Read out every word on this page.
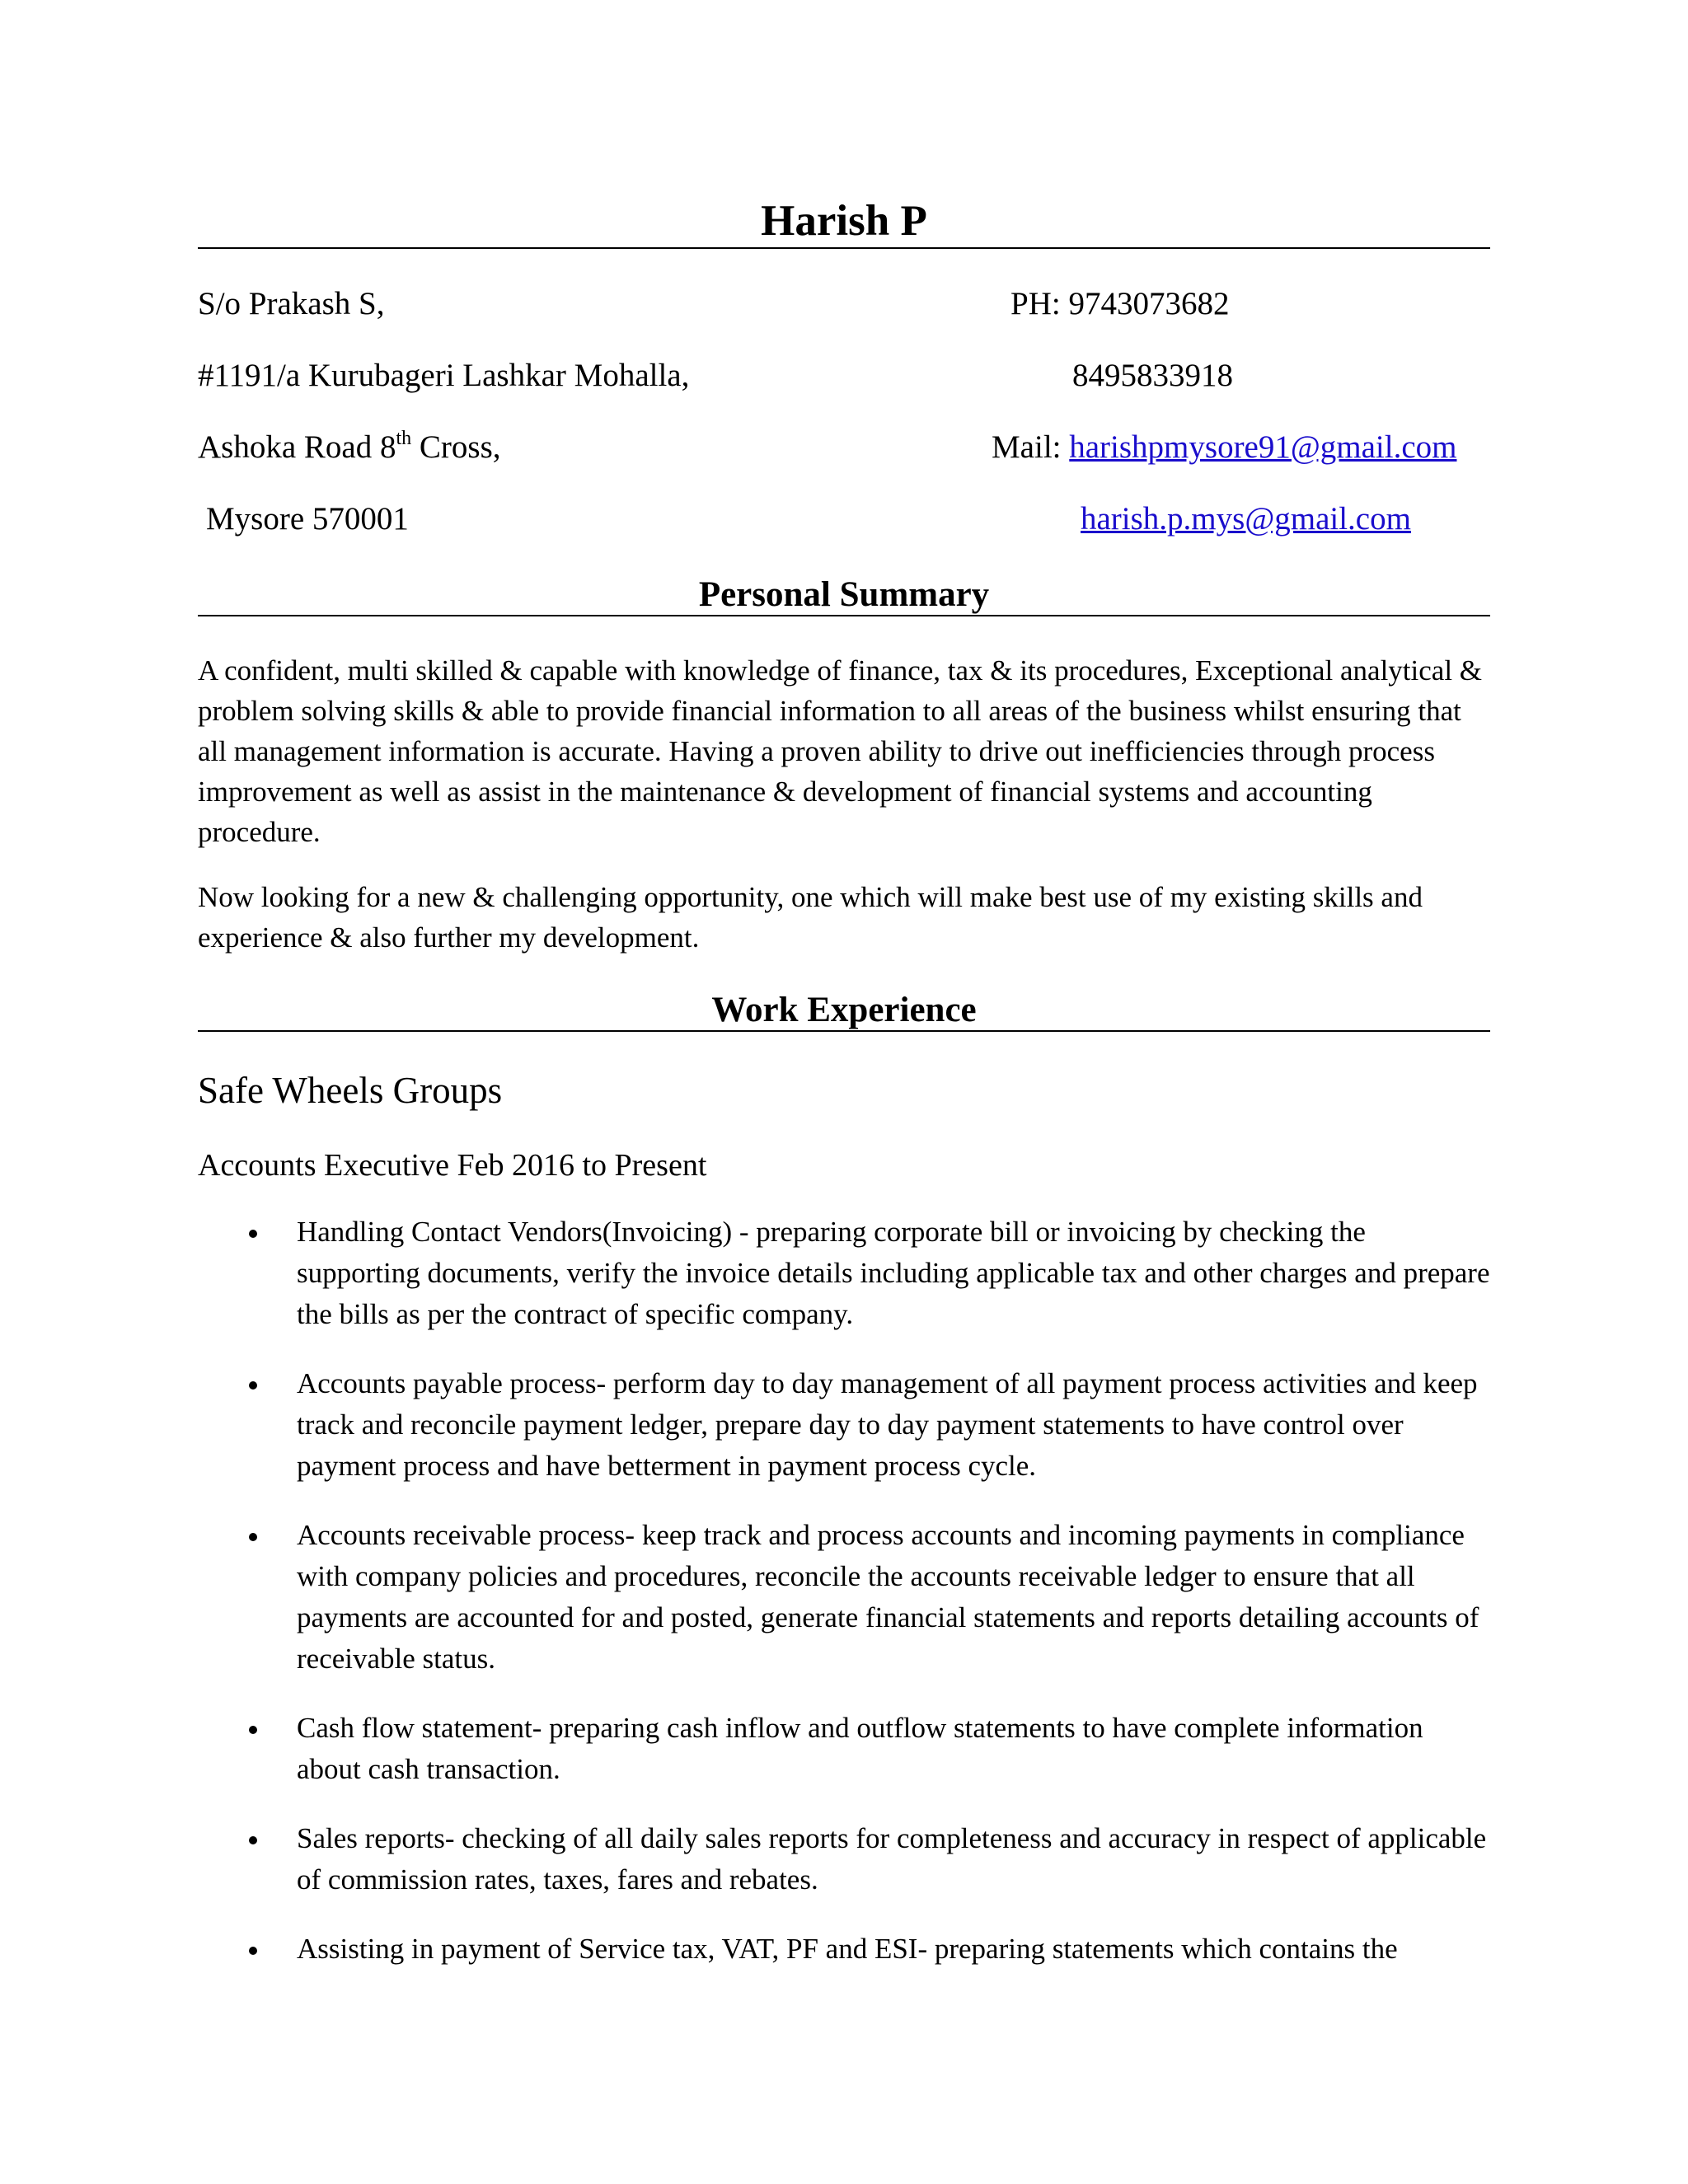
Harish P
S/o Prakash S,
#1191/a Kurubageri Lashkar Mohalla,
Ashoka Road 8th Cross,
Mysore 570001
PH: 9743073682
8495833918
Mail: harishpmysore91@gmail.com
harish.p.mys@gmail.com
Personal Summary
A confident, multi skilled & capable with knowledge of finance, tax & its procedures, Exceptional analytical & problem solving skills & able to provide financial information to all areas of the business whilst ensuring that all management information is accurate. Having a proven ability to drive out inefficiencies through process improvement as well as assist in the maintenance & development of financial systems and accounting procedure.
Now looking for a new & challenging opportunity, one which will make best use of my existing skills and experience & also further my development.
Work Experience
Safe Wheels Groups
Accounts Executive Feb 2016 to Present
Handling Contact Vendors(Invoicing) - preparing corporate bill or invoicing by checking the supporting documents, verify the invoice details including applicable tax and other charges and prepare the bills as per the contract of specific company.
Accounts payable process- perform day to day management of all payment process activities and keep track and reconcile payment ledger, prepare day to day payment statements to have control over payment process and have betterment in payment process cycle.
Accounts receivable process- keep track and process accounts and incoming payments in compliance with company policies and procedures, reconcile the accounts receivable ledger to ensure that all payments are accounted for and posted, generate financial statements and reports detailing accounts of receivable status.
Cash flow statement- preparing cash inflow and outflow statements to have complete information about cash transaction.
Sales reports- checking of all daily sales reports for completeness and accuracy in respect of applicable of commission rates, taxes, fares and rebates.
Assisting in payment of Service tax, VAT, PF and ESI- preparing statements which contains the
